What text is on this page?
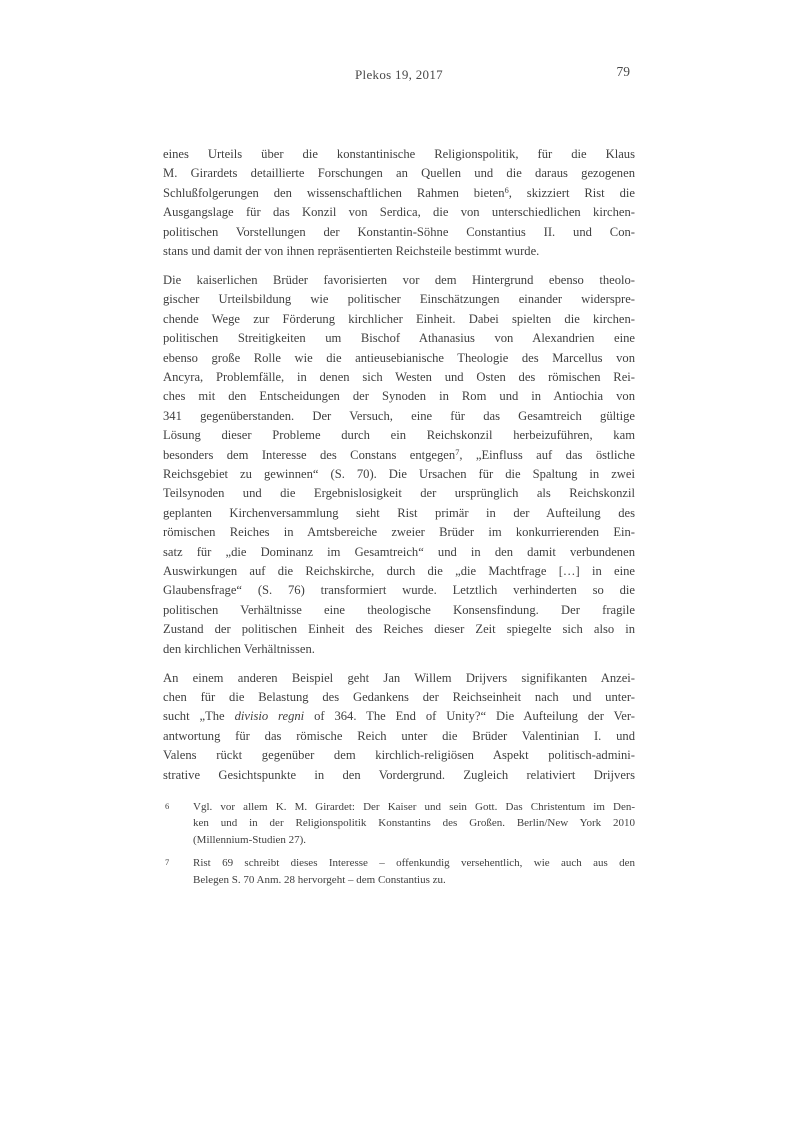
Plekos 19, 2017	79
eines Urteils über die konstantinische Religionspolitik, für die Klaus
M. Girardets detaillierte Forschungen an Quellen und die daraus gezogenen
Schlußfolgerungen den wissenschaftlichen Rahmen bieten$^6$, skizziert Rist die
Ausgangslage für das Konzil von Serdica, die von unterschiedlichen kirchen-
politischen Vorstellungen der Konstantin-Söhne Constantius II. und Con-
stans und damit der von ihnen repräsentierten Reichsteile bestimmt wurde.
Die kaiserlichen Brüder favorisierten vor dem Hintergrund ebenso theolo-
gischer Urteilsbildung wie politischer Einschätzungen einander widerspre-
chende Wege zur Förderung kirchlicher Einheit. Dabei spielten die kirchen-
politischen Streitigkeiten um Bischof Athanasius von Alexandrien eine
ebenso große Rolle wie die antieusebianische Theologie des Marcellus von
Ancyra, Problemfälle, in denen sich Westen und Osten des römischen Rei-
ches mit den Entscheidungen der Synoden in Rom und in Antiochia von
341 gegenüberstanden. Der Versuch, eine für das Gesamtreich gültige
Lösung dieser Probleme durch ein Reichskonzil herbeizuführen, kam
besonders dem Interesse des Constans entgegen$^7$, „Einfluss auf das östliche
Reichsgebiet zu gewinnen“ (S. 70). Die Ursachen für die Spaltung in zwei
Teilsynoden und die Ergebnislosigkeit der ursprünglich als Reichskonzil
geplanten Kirchenversammlung sieht Rist primär in der Aufteilung des
römischen Reiches in Amtsbereiche zweier Brüder im konkurrierenden Ein-
satz für „die Dominanz im Gesamtreich“ und in den damit verbundenen
Auswirkungen auf die Reichskirche, durch die „die Machtfrage […] in eine
Glaubensfrage“ (S. 76) transformiert wurde. Letztlich verhinderten so die
politischen Verhältnisse eine theologische Konsensfindung. Der fragile
Zustand der politischen Einheit des Reiches dieser Zeit spiegelte sich also in
den kirchlichen Verhältnissen.
An einem anderen Beispiel geht Jan Willem Drijvers signifikanten Anzei-
chen für die Belastung des Gedankens der Reichseinheit nach und unter-
sucht „The divisio regni of 364. The End of Unity?“ Die Aufteilung der Ver-
antwortung für das römische Reich unter die Brüder Valentinian I. und
Valens rückt gegenüber dem kirchlich-religiösen Aspekt politisch-admini-
strative Gesichtspunkte in den Vordergrund. Zugleich relativiert Drijvers
6 Vgl. vor allem K. M. Girardet: Der Kaiser und sein Gott. Das Christentum im Den-
ken und in der Religionspolitik Konstantins des Großen. Berlin/New York 2010
(Millennium-Studien 27).
7 Rist 69 schreibt dieses Interesse – offenkundig versehentlich, wie auch aus den
Belegen S. 70 Anm. 28 hervorgeht – dem Constantius zu.
